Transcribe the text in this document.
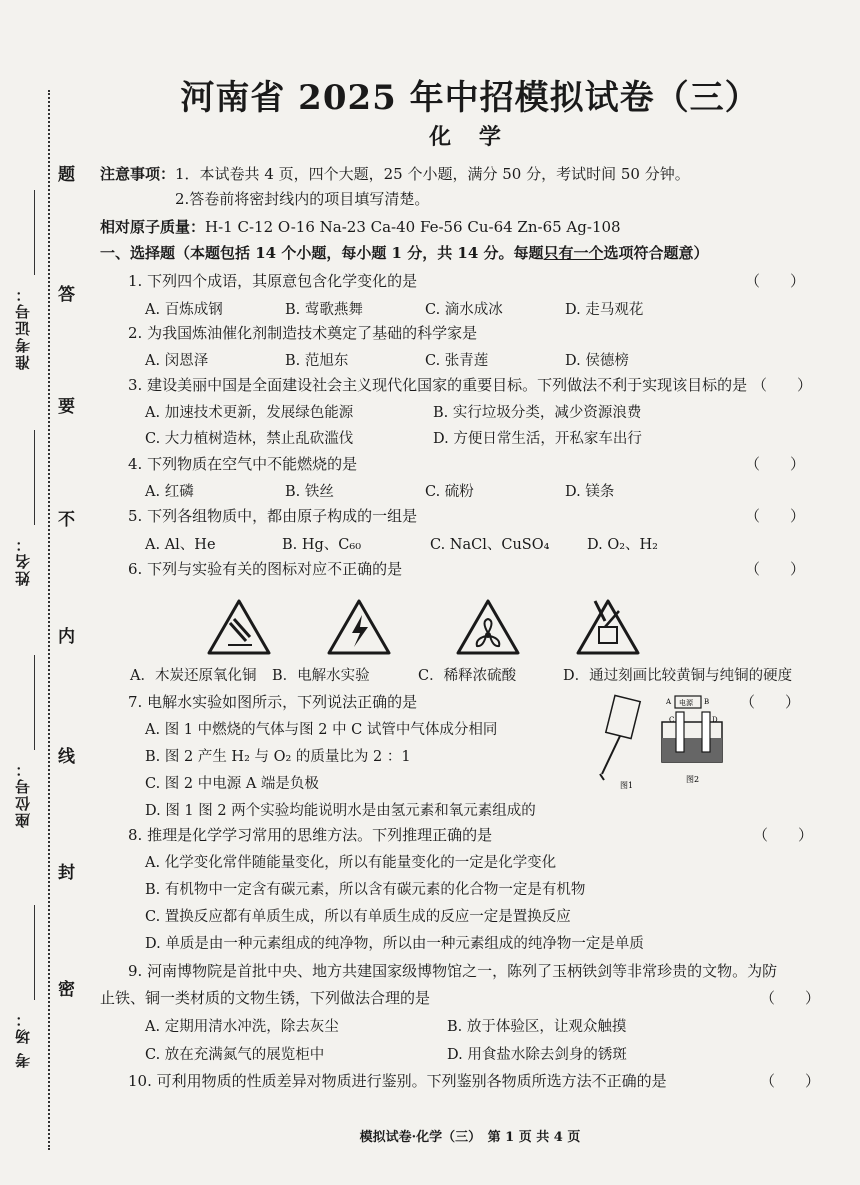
题
答
要
不
内
线
封
密
准考证号：
姓名：
座位号：
考 场：
河南省 2025 年中招模拟试卷（三）
化 学
注意事项：1．本试卷共 4 页，四个大题，25 个小题，满分 50 分，考试时间 50 分钟。
2.答卷前将密封线内的项目填写清楚。
相对原子质量：H-1 C-12 O-16 Na-23 Ca-40 Fe-56 Cu-64 Zn-65 Ag-108
一、选择题（本题包括 14 个小题，每小题 1 分，共 14 分。每题只有一个选项符合题意）
1. 下列四个成语，其原意包含化学变化的是	（　　）
A. 百炼成钢	B. 莺歌燕舞	C. 滴水成冰	D. 走马观花
2. 为我国炼油催化剂制造技术奠定了基础的科学家是
A. 闵恩泽	B. 范旭东	C. 张青莲	D. 侯德榜
3. 建设美丽中国是全面建设社会主义现代化国家的重要目标。下列做法不利于实现该目标的是 （　　）
A. 加速技术更新，发展绿色能源	B. 实行垃圾分类，减少资源浪费
C. 大力植树造林，禁止乱砍滥伐	D. 方便日常生活，开私家车出行
4. 下列物质在空气中不能燃烧的是	（　　）
A. 红磷	B. 铁丝	C. 硫粉	D. 镁条
5. 下列各组物质中，都由原子构成的一组是	（　　）
A. Al、He	B. Hg、C₆₀	C. NaCl、CuSO₄	D. O₂、H₂
6. 下列与实验有关的图标对应不正确的是	（　　）
A．木炭还原氧化铜 B．电解水实验	C．稀释浓硫酸	D．通过刻画比较黄铜与纯铜的硬度
7. 电解水实验如图所示，下列说法正确的是	（　　）
A. 图 1 中燃烧的气体与图 2 中 C 试管中气体成分相同
B. 图 2 产生 H₂ 与 O₂ 的质量比为 2 ：1
C. 图 2 中电源 A 端是负极
D. 图 1 图 2 两个实验均能说明水是由氢元素和氧元素组成的
图1
电源
A	B
C	D
图2
8. 推理是化学学习常用的思维方法。下列推理正确的是	（　　）
A. 化学变化常伴随能量变化，所以有能量变化的一定是化学变化
B. 有机物中一定含有碳元素，所以含有碳元素的化合物一定是有机物
C. 置换反应都有单质生成，所以有单质生成的反应一定是置换反应
D. 单质是由一种元素组成的纯净物，所以由一种元素组成的纯净物一定是单质
9. 河南博物院是首批中央、地方共建国家级博物馆之一，陈列了玉柄铁剑等非常珍贵的文物。为防
止铁、铜一类材质的文物生锈，下列做法合理的是	（　　）
A. 定期用清水冲洗，除去灰尘	B. 放于体验区，让观众触摸
C. 放在充满氮气的展览柜中	D. 用食盐水除去剑身的锈斑
10. 可利用物质的性质差异对物质进行鉴别。下列鉴别各物质所选方法不正确的是	（　　）
模拟试卷·化学（三）　第 1 页 共 4 页
